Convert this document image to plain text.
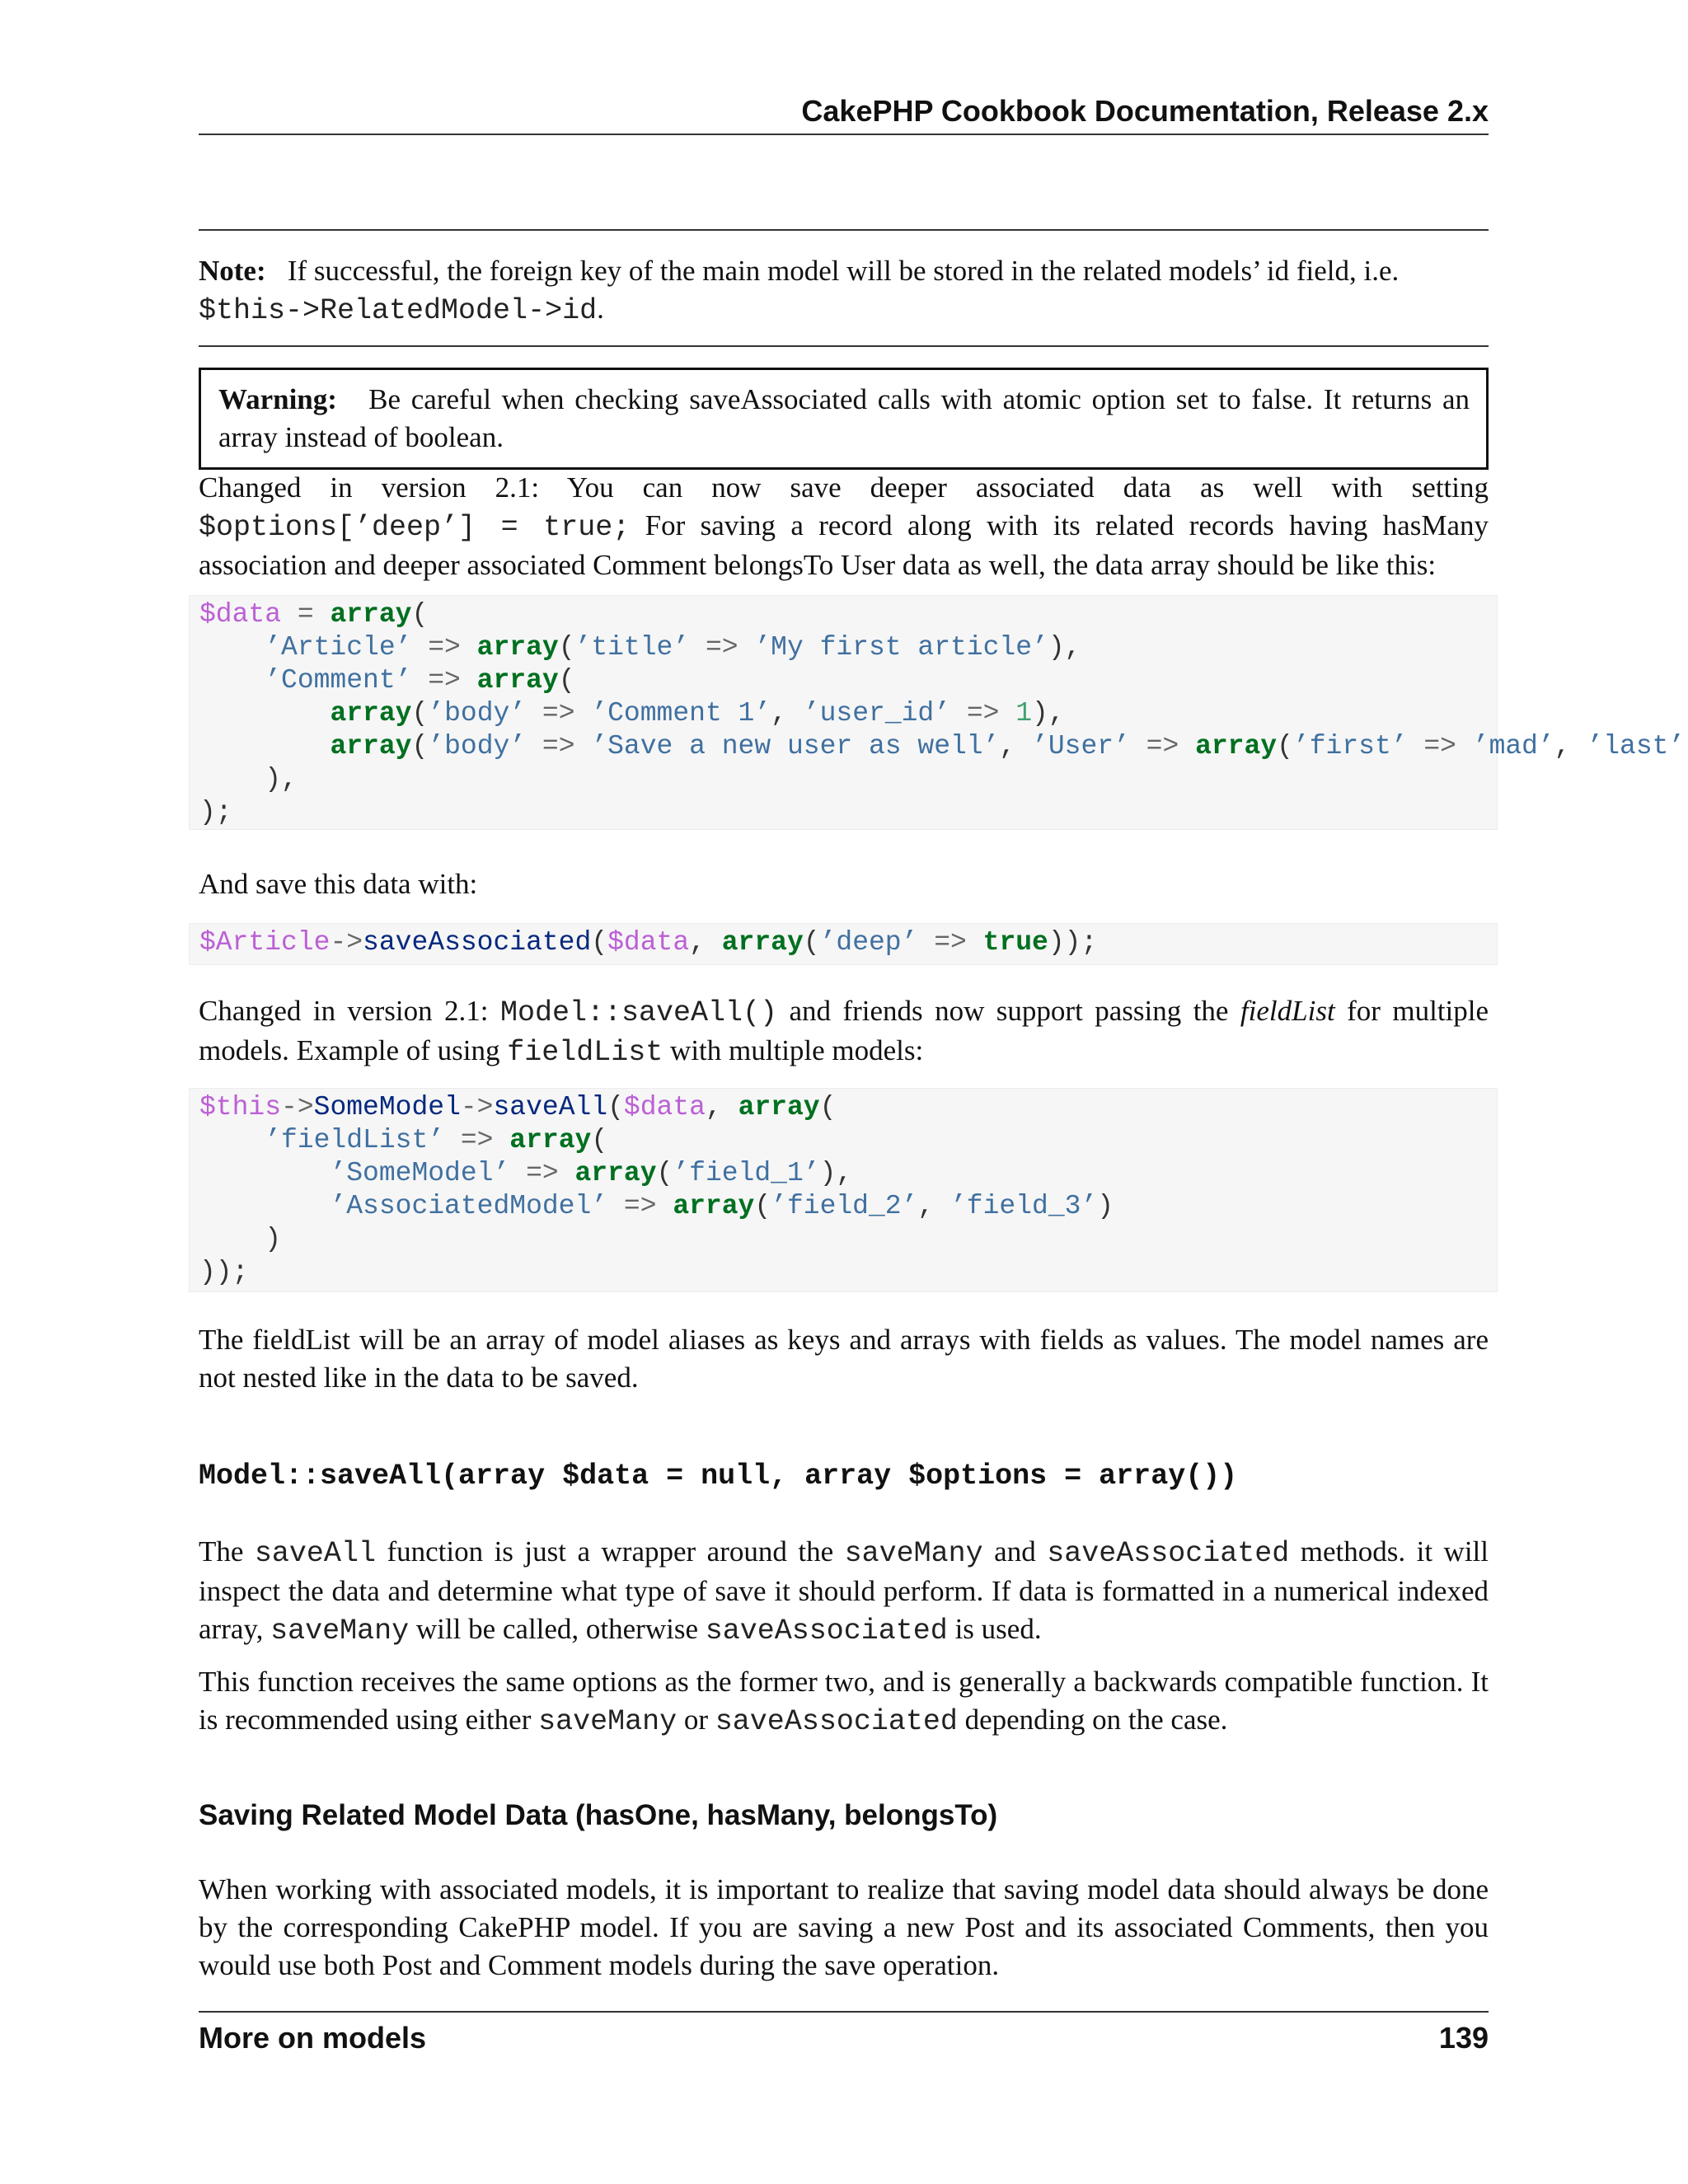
CakePHP Cookbook Documentation, Release 2.x
Note: If successful, the foreign key of the main model will be stored in the related models’ id field, i.e.
$this->RelatedModel->id.
Warning: Be careful when checking saveAssociated calls with atomic option set to false. It returns an array instead of boolean.
Changed in version 2.1: You can now save deeper associated data as well with setting
$options[’deep’] = true; For saving a record along with its related records having hasMany association and deeper associated Comment belongsTo User data as well, the data array should be like this:
$data = array(
’Article’ => array(’title’ => ’My first article’),
’Comment’ => array(
array(’body’ => ’Comment 1’, ’user_id’ => 1),
array(’body’ => ’Save a new user as well’, ’User’ => array(’first’ => ’mad’, ’last’
),
);
And save this data with:
$Article->saveAssociated($data, array(’deep’ => true));
Changed in version 2.1: Model::saveAll() and friends now support passing the fieldList for multiple models. Example of using fieldList with multiple models:
$this->SomeModel->saveAll($data, array(
’fieldList’ => array(
’SomeModel’ => array(’field_1’),
’AssociatedModel’ => array(’field_2’, ’field_3’)
)
));
The fieldList will be an array of model aliases as keys and arrays with fields as values. The model names are not nested like in the data to be saved.
Model::saveAll(array $data = null, array $options = array())
The saveAll function is just a wrapper around the saveMany and saveAssociated methods. it will inspect the data and determine what type of save it should perform. If data is formatted in a numerical indexed array, saveMany will be called, otherwise saveAssociated is used.
This function receives the same options as the former two, and is generally a backwards compatible function. It is recommended using either saveMany or saveAssociated depending on the case.
Saving Related Model Data (hasOne, hasMany, belongsTo)
When working with associated models, it is important to realize that saving model data should always be done by the corresponding CakePHP model. If you are saving a new Post and its associated Comments, then you would use both Post and Comment models during the save operation.
More on models	139
